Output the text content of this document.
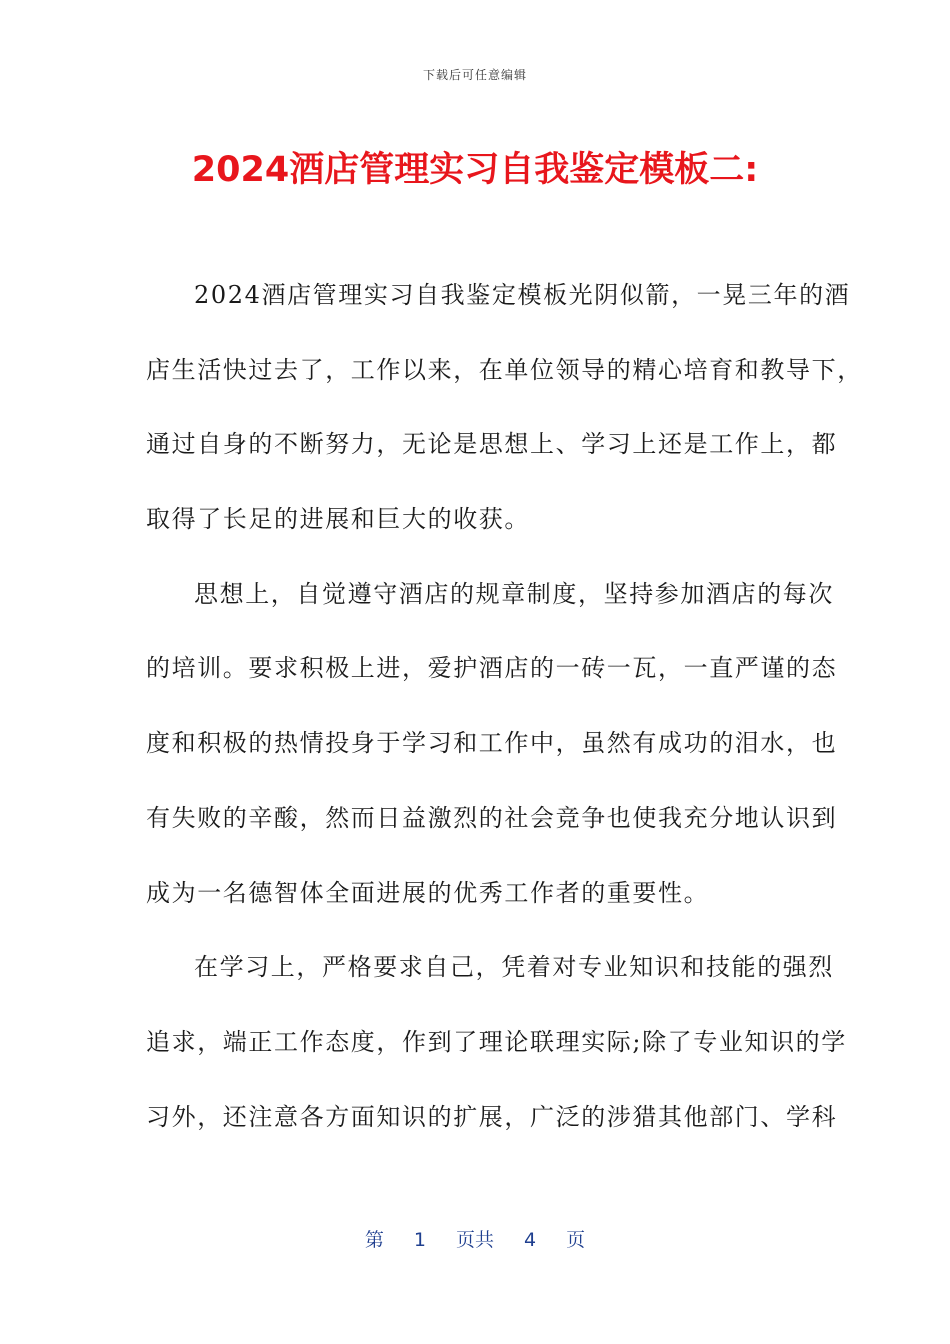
下载后可任意编辑
2024酒店管理实习自我鉴定模板二:
2024酒店管理实习自我鉴定模板光阴似箭，一晃三年的酒
店生活快过去了，工作以来，在单位领导的精心培育和教导下，
通过自身的不断努力，无论是思想上、学习上还是工作上，都
取得了长足的进展和巨大的收获。
思想上，自觉遵守酒店的规章制度，坚持参加酒店的每次
的培训。要求积极上进，爱护酒店的一砖一瓦，一直严谨的态
度和积极的热情投身于学习和工作中，虽然有成功的泪水，也
有失败的辛酸，然而日益激烈的社会竞争也使我充分地认识到
成为一名德智体全面进展的优秀工作者的重要性。
在学习上，严格要求自己，凭着对专业知识和技能的强烈
追求，端正工作态度，作到了理论联理实际;除了专业知识的学
习外，还注意各方面知识的扩展，广泛的涉猎其他部门、学科
第 1 页共 4 页
